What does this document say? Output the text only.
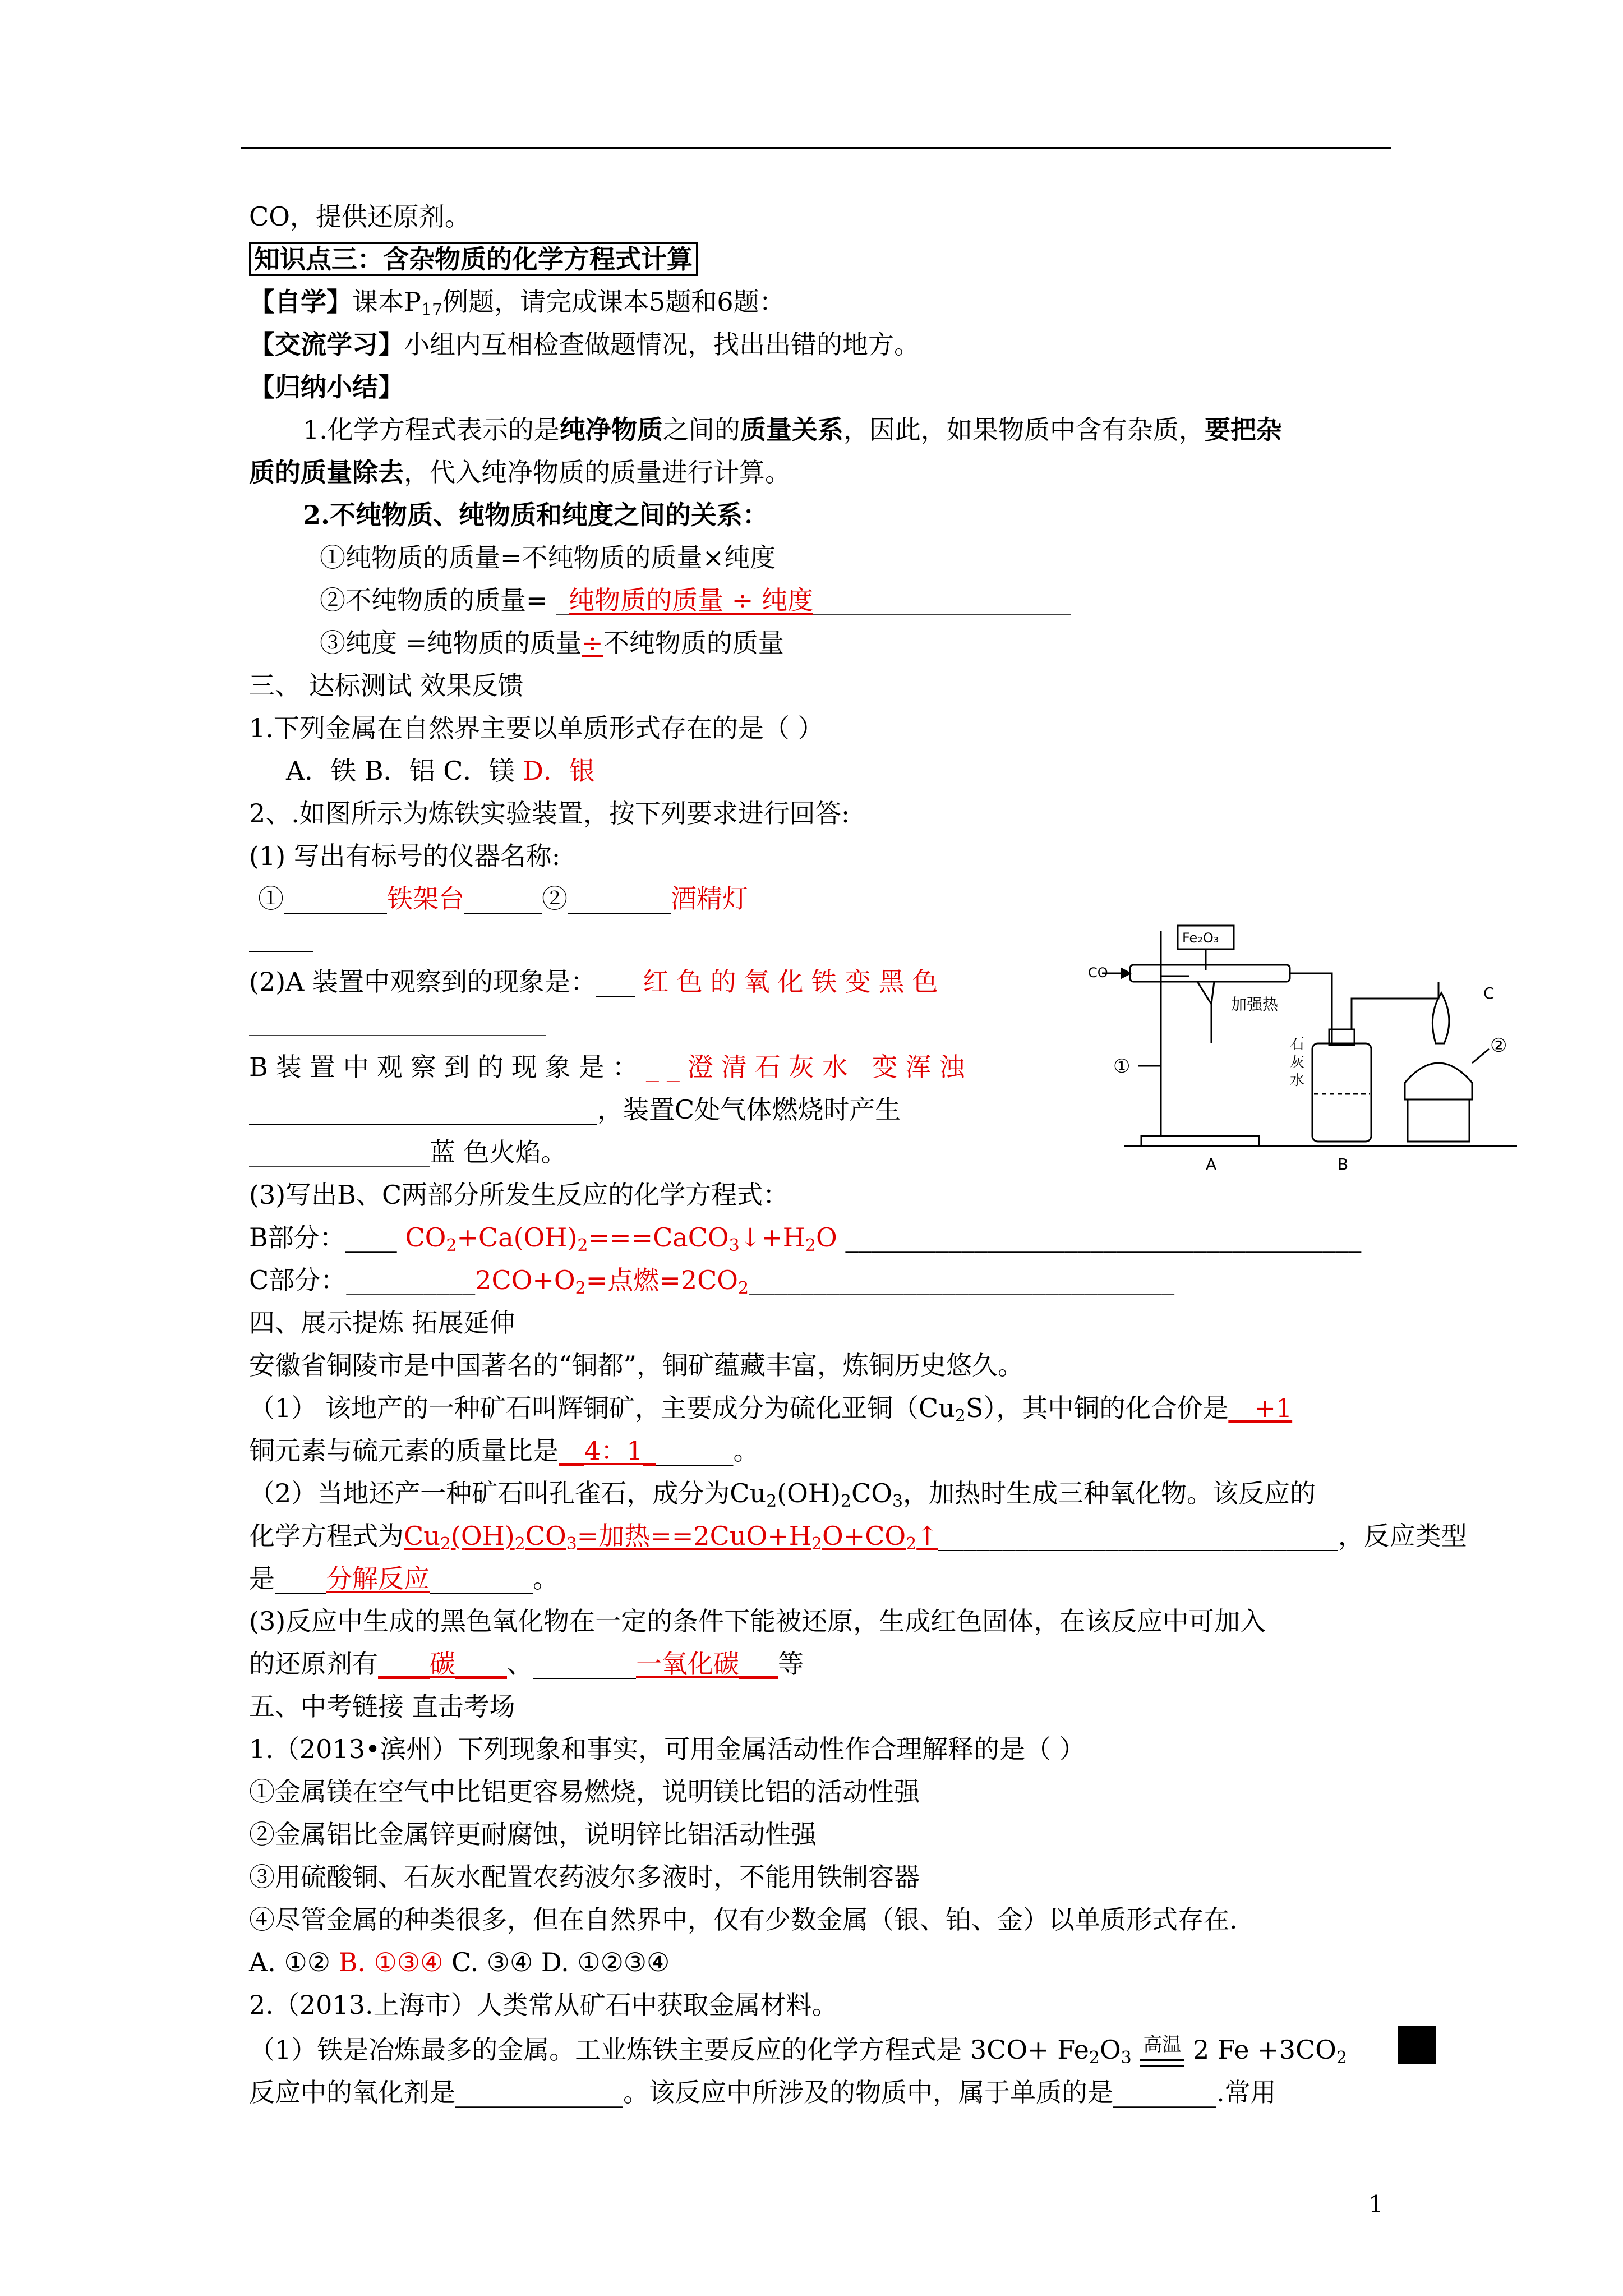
CO，提供还原剂。
知识点三：含杂物质的化学方程式计算
【自学】课本$P_{17}$例题，请完成课本5题和6题：
【交流学习】小组内互相检查做题情况，找出出错的地方。
【归纳小结】
1.化学方程式表示的是纯净物质之间的质量关系，因此，如果物质中含有杂质，要把杂
质的质量除去，代入纯净物质的质量进行计算。
2.不纯物质、纯物质和纯度之间的关系：
①纯物质的质量=不纯物质的质量×纯度
②不纯物质的质量= _纯物质的质量 ÷ 纯度____________________
③纯度 =纯物质的质量÷不纯物质的质量
三、 达标测试 效果反馈
1.下列金属在自然界主要以单质形式存在的是（ ）
A．铁 B．铝 C．镁 D．银
2、.如图所示为炼铁实验装置，按下列要求进行回答:
(1) 写出有标号的仪器名称:
①________铁架台______②________酒精灯
_____
(2)A 装置中观察到的现象是：___ 红色的氧化铁变黑色
_______________________
B装置中观察到的现象是：__澄清石灰水 变浑浊
___________________________，装置C处气体燃烧时产生
______________蓝 色火焰。
(3)写出B、C两部分所发生反应的化学方程式：
B部分：____ $CO_2+Ca(OH)_2===CaCO_3↓+H_2O$ ________________________________________
C部分：$\_\_\_\_\_\_\_\_\_\_2CO+O_2=$点燃$=2CO_2\_\_\_\_\_\_\_\_\_\_\_\_\_\_\_\_\_\_\_\_\_\_\_\_\_\_\_\_\_\_\_\_\_$
四、展示提炼 拓展延伸
安徽省铜陵市是中国著名的“铜都”，铜矿蕴藏丰富，炼铜历史悠久。
（1） 该地产的一种矿石叫辉铜矿，主要成分为硫化亚铜$(Cu_2S)$，其中铜的化合价是__+1
铜元素与硫元素的质量比是__4：1_______。
（2）当地还产一种矿石叫孔雀石，成分为$Cu_2(OH)_2CO_3$，加热时生成三种氧化物。该反应的
化学方程式为$Cu_2(OH)_2CO_3=$加热$==2CuO+H_2O+CO_2↑\_\_\_\_\_\_\_\_\_\_\_\_\_\_\_\_\_\_\_\_\_\_\_\_\_\_\_\_\_\_\_$，反应类型
是____分解反应________。
(3)反应中生成的黑色氧化物在一定的条件下能被还原，生成红色固体，在该反应中可加入
的还原剂有____碳____、________一氧化碳___等
五、中考链接 直击考场
1.（2013•滨州）下列现象和事实，可用金属活动性作合理解释的是（ ）
①金属镁在空气中比铝更容易燃烧，说明镁比铝的活动性强
②金属铝比金属锌更耐腐蚀，说明锌比铝活动性强
③用硫酸铜、石灰水配置农药波尔多液时，不能用铁制容器
④尽管金属的种类很多，但在自然界中，仅有少数金属（银、铂、金）以单质形式存在.
A. ①② B. ①③④ C. ③④ D. ①②③④
2.（2013.上海市）人类常从矿石中获取金属材料。
（1）铁是冶炼最多的金属。工业炼铁主要反应的化学方程式是 $3CO+ Fe_2O_3$ 高温 2 $Fe +3CO_2$
反应中的氧化剂是_____________。该反应中所涉及的物质中，属于单质的是________.常用
Fe₂O₃
CO
加强热
石
灰
水
①
②
A	B
C
1
